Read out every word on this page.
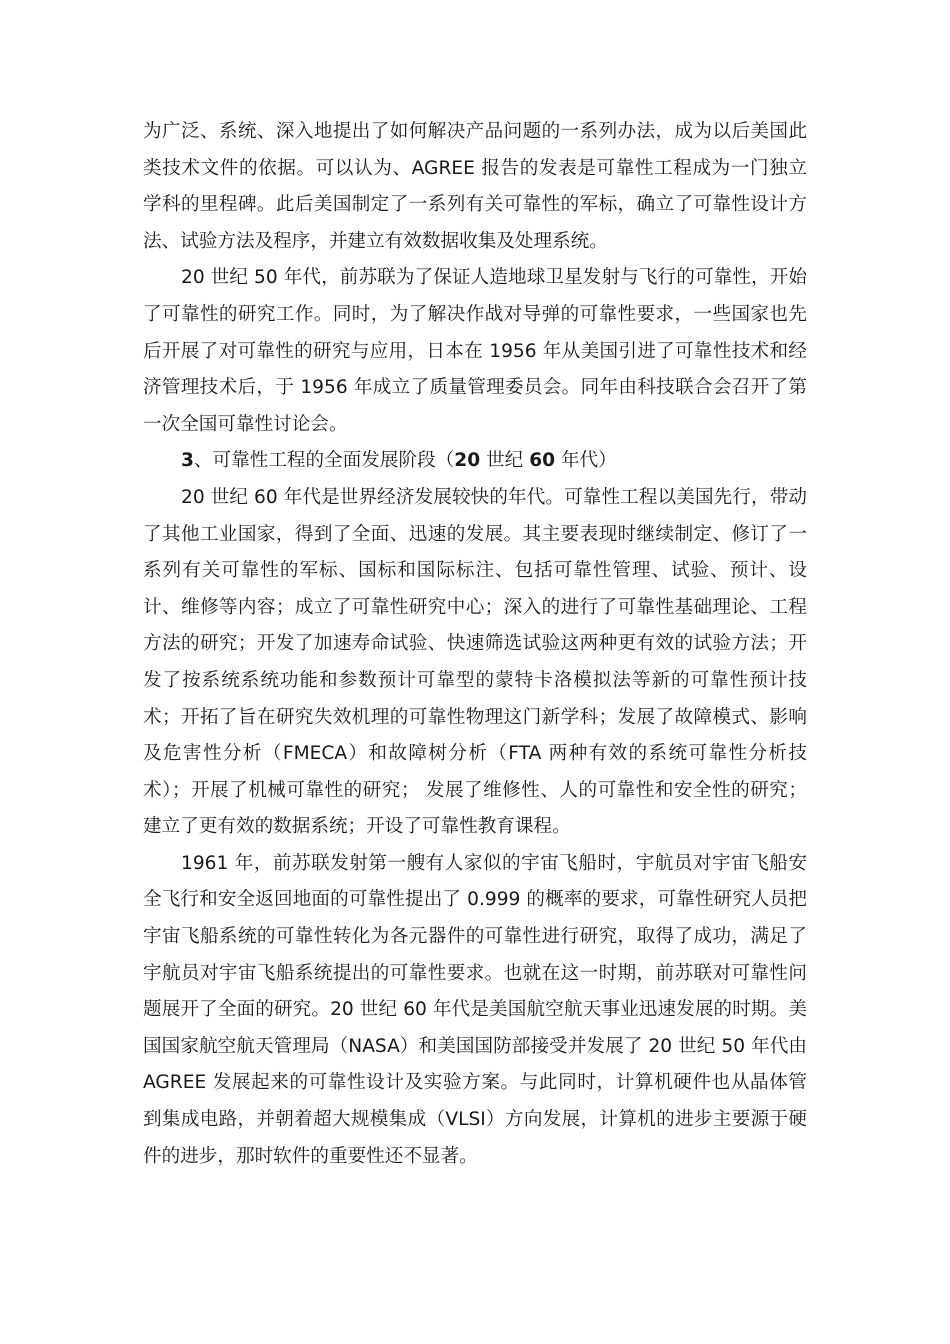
为广泛、系统、深入地提出了如何解决产品问题的一系列办法，成为以后美国此类技术文件的依据。可以认为、AGREE 报告的发表是可靠性工程成为一门独立学科的里程碑。此后美国制定了一系列有关可靠性的军标，确立了可靠性设计方法、试验方法及程序，并建立有效数据收集及处理系统。

20 世纪 50 年代，前苏联为了保证人造地球卫星发射与飞行的可靠性，开始了可靠性的研究工作。同时，为了解决作战对导弹的可靠性要求，一些国家也先后开展了对可靠性的研究与应用，日本在 1956 年从美国引进了可靠性技术和经济管理技术后，于 1956 年成立了质量管理委员会。同年由科技联合会召开了第一次全国可靠性讨论会。

3、可靠性工程的全面发展阶段（20 世纪 60 年代）

20 世纪 60 年代是世界经济发展较快的年代。可靠性工程以美国先行，带动了其他工业国家，得到了全面、迅速的发展。其主要表现时继续制定、修订了一系列有关可靠性的军标、国标和国际标注、包括可靠性管理、试验、预计、设计、维修等内容；成立了可靠性研究中心；深入的进行了可靠性基础理论、工程方法的研究；开发了加速寿命试验、快速筛选试验这两种更有效的试验方法；开发了按系统系统功能和参数预计可靠型的蒙特卡洛模拟法等新的可靠性预计技术；开拓了旨在研究失效机理的可靠性物理这门新学科；发展了故障模式、影响及危害性分析（FMECA）和故障树分析（FTA 两种有效的系统可靠性分析技术）；开展了机械可靠性的研究； 发展了维修性、人的可靠性和安全性的研究； 建立了更有效的数据系统；开设了可靠性教育课程。

1961 年，前苏联发射第一艘有人家似的宇宙飞船时，宇航员对宇宙飞船安全飞行和安全返回地面的可靠性提出了 0.999 的概率的要求，可靠性研究人员把宇宙飞船系统的可靠性转化为各元器件的可靠性进行研究，取得了成功，满足了宇航员对宇宙飞船系统提出的可靠性要求。也就在这一时期，前苏联对可靠性问题展开了全面的研究。20 世纪 60 年代是美国航空航天事业迅速发展的时期。美国国家航空航天管理局（NASA）和美国国防部接受并发展了 20 世纪 50 年代由 AGREE 发展起来的可靠性设计及实验方案。与此同时，计算机硬件也从晶体管到集成电路，并朝着超大规模集成（VLSI）方向发展，计算机的进步主要源于硬件的进步，那时软件的重要性还不显著。
